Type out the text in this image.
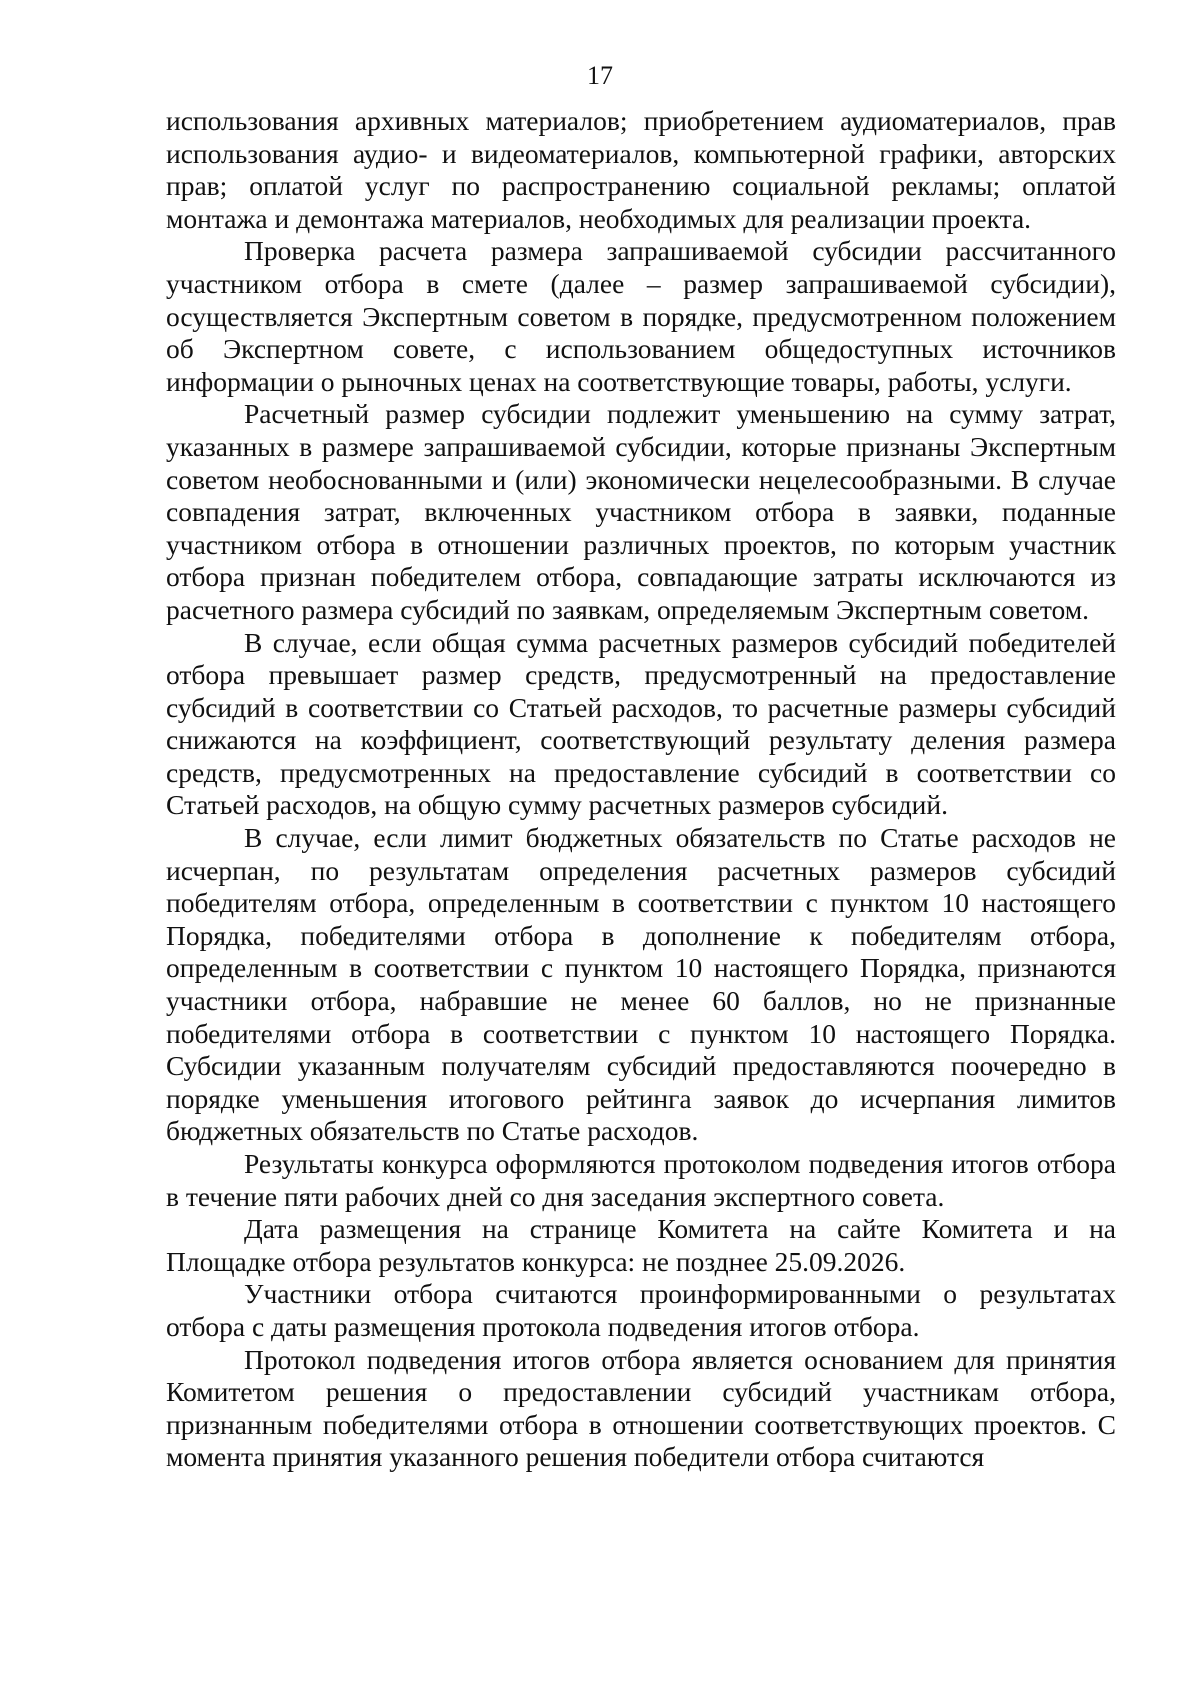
17

использования архивных материалов; приобретением аудиоматериалов, прав использования аудио- и видеоматериалов, компьютерной графики, авторских прав; оплатой услуг по распространению социальной рекламы; оплатой монтажа и демонтажа материалов, необходимых для реализации проекта.

Проверка расчета размера запрашиваемой субсидии рассчитанного участником отбора в смете (далее – размер запрашиваемой субсидии), осуществляется Экспертным советом в порядке, предусмотренном положением об Экспертном совете, с использованием общедоступных источников информации о рыночных ценах на соответствующие товары, работы, услуги.

Расчетный размер субсидии подлежит уменьшению на сумму затрат, указанных в размере запрашиваемой субсидии, которые признаны Экспертным советом необоснованными и (или) экономически нецелесообразными. В случае совпадения затрат, включенных участником отбора в заявки, поданные участником отбора в отношении различных проектов, по которым участник отбора признан победителем отбора, совпадающие затраты исключаются из расчетного размера субсидий по заявкам, определяемым Экспертным советом.

В случае, если общая сумма расчетных размеров субсидий победителей отбора превышает размер средств, предусмотренный на предоставление субсидий в соответствии со Статьей расходов, то расчетные размеры субсидий снижаются на коэффициент, соответствующий результату деления размера средств, предусмотренных на предоставление субсидий в соответствии со Статьей расходов, на общую сумму расчетных размеров субсидий.

В случае, если лимит бюджетных обязательств по Статье расходов не исчерпан, по результатам определения расчетных размеров субсидий победителям отбора, определенным в соответствии с пунктом 10 настоящего Порядка, победителями отбора в дополнение к победителям отбора, определенным в соответствии с пунктом 10 настоящего Порядка, признаются участники отбора, набравшие не менее 60 баллов, но не признанные победителями отбора в соответствии с пунктом 10 настоящего Порядка. Субсидии указанным получателям субсидий предоставляются поочередно в порядке уменьшения итогового рейтинга заявок до исчерпания лимитов бюджетных обязательств по Статье расходов.

Результаты конкурса оформляются протоколом подведения итогов отбора в течение пяти рабочих дней со дня заседания экспертного совета.

Дата размещения на странице Комитета на сайте Комитета и на Площадке отбора результатов конкурса: не позднее 25.09.2026.

Участники отбора считаются проинформированными о результатах отбора с даты размещения протокола подведения итогов отбора.

Протокол подведения итогов отбора является основанием для принятия Комитетом решения о предоставлении субсидий участникам отбора, признанным победителями отбора в отношении соответствующих проектов. С момента принятия указанного решения победители отбора считаются
